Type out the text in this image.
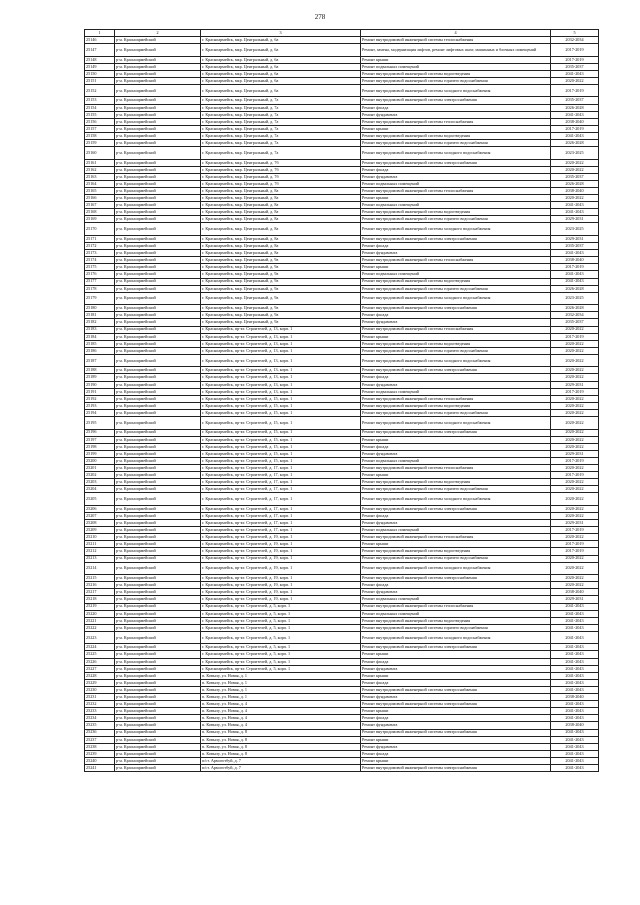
278
1	2	3	4	5
25146	р-н. Красноармейский	г. Красноармейск, мкр. Центральный, д. 6а	Ремонт внутридомовой инженерной системы теплоснабжения	2032-2034
25147	р-н. Красноармейский	г. Красноармейск, мкр. Центральный, д. 6а	Ремонт, замена, модернизация лифтов, ремонт лифтовых шахт, машинных и блочных помещений	2017-2019
25148	р-н. Красноармейский	г. Красноармейск, мкр. Центральный, д. 6а	Ремонт крыши	2017-2019
25149	р-н. Красноармейский	г. Красноармейск, мкр. Центральный, д. 6а	Ремонт подвальных помещений	2035-2037
25150	р-н. Красноармейский	г. Красноармейск, мкр. Центральный, д. 6а	Ремонт внутридомовой инженерной системы водоотведения	2041-2043
25151	р-н. Красноармейский	г. Красноармейск, мкр. Центральный, д. 6а	Ремонт внутридомовой инженерной системы горячего водоснабжения	2020-2022
25152	р-н. Красноармейский	г. Красноармейск, мкр. Центральный, д. 6а	Ремонт внутридомовой инженерной системы холодного водоснабжения	2017-2019
25153	р-н. Красноармейский	г. Красноармейск, мкр. Центральный, д. 7а	Ремонт внутридомовой инженерной системы электроснабжения	2035-2037
25154	р-н. Красноармейский	г. Красноармейск, мкр. Центральный, д. 7а	Ремонт фасада	2026-2028
25155	р-н. Красноармейский	г. Красноармейск, мкр. Центральный, д. 7а	Ремонт фундамента	2041-2043
25156	р-н. Красноармейский	г. Красноармейск, мкр. Центральный, д. 7а	Ремонт внутридомовой инженерной системы теплоснабжения	2038-2040
25157	р-н. Красноармейский	г. Красноармейск, мкр. Центральный, д. 7а	Ремонт крыши	2017-2019
25158	р-н. Красноармейский	г. Красноармейск, мкр. Центральный, д. 7а	Ремонт внутридомовой инженерной системы водоотведения	2041-2043
25159	р-н. Красноармейский	г. Красноармейск, мкр. Центральный, д. 7а	Ремонт внутридомовой инженерной системы горячего водоснабжения	2026-2028
25160	р-н. Красноармейский	г. Красноармейск, мкр. Центральный, д. 7а	Ремонт внутридомовой инженерной системы холодного водоснабжения	2023-2025
25161	р-н. Красноармейский	г. Красноармейск, мкр. Центральный, д. 7б	Ремонт внутридомовой инженерной системы электроснабжения	2020-2022
25162	р-н. Красноармейский	г. Красноармейск, мкр. Центральный, д. 7б	Ремонт фасада	2020-2022
25163	р-н. Красноармейский	г. Красноармейск, мкр. Центральный, д. 7б	Ремонт фундамента	2035-2037
25164	р-н. Красноармейский	г. Красноармейск, мкр. Центральный, д. 7б	Ремонт подвальных помещений	2026-2028
25165	р-н. Красноармейский	г. Красноармейск, мкр. Центральный, д. 8а	Ремонт внутридомовой инженерной системы теплоснабжения	2038-2040
25166	р-н. Красноармейский	г. Красноармейск, мкр. Центральный, д. 8а	Ремонт крыши	2020-2022
25167	р-н. Красноармейский	г. Красноармейск, мкр. Центральный, д. 8а	Ремонт подвальных помещений	2041-2043
25168	р-н. Красноармейский	г. Красноармейск, мкр. Центральный, д. 8а	Ремонт внутридомовой инженерной системы водоотведения	2041-2043
25169	р-н. Красноармейский	г. Красноармейск, мкр. Центральный, д. 8а	Ремонт внутридомовой инженерной системы горячего водоснабжения	2029-2031
25170	р-н. Красноармейский	г. Красноармейск, мкр. Центральный, д. 8а	Ремонт внутридомовой инженерной системы холодного водоснабжения	2023-2025
25171	р-н. Красноармейский	г. Красноармейск, мкр. Центральный, д. 8а	Ремонт внутридомовой инженерной системы электроснабжения	2029-2031
25172	р-н. Красноармейский	г. Красноармейск, мкр. Центральный, д. 8а	Ремонт фасада	2035-2037
25173	р-н. Красноармейский	г. Красноармейск, мкр. Центральный, д. 8а	Ремонт фундамента	2041-2043
25174	р-н. Красноармейский	г. Красноармейск, мкр. Центральный, д. 9а	Ремонт внутридомовой инженерной системы теплоснабжения	2038-2040
25175	р-н. Красноармейский	г. Красноармейск, мкр. Центральный, д. 9а	Ремонт крыши	2017-2019
25176	р-н. Красноармейский	г. Красноармейск, мкр. Центральный, д. 9а	Ремонт подвальных помещений	2041-2043
25177	р-н. Красноармейский	г. Красноармейск, мкр. Центральный, д. 9а	Ремонт внутридомовой инженерной системы водоотведения	2041-2043
25178	р-н. Красноармейский	г. Красноармейск, мкр. Центральный, д. 9а	Ремонт внутридомовой инженерной системы горячего водоснабжения	2026-2028
25179	р-н. Красноармейский	г. Красноармейск, мкр. Центральный, д. 9а	Ремонт внутридомовой инженерной системы холодного водоснабжения	2023-2025
25180	р-н. Красноармейский	г. Красноармейск, мкр. Центральный, д. 9а	Ремонт внутридомовой инженерной системы электроснабжения	2026-2028
25181	р-н. Красноармейский	г. Красноармейск, мкр. Центральный, д. 9а	Ремонт фасада	2032-2034
25182	р-н. Красноармейский	г. Красноармейск, мкр. Центральный, д. 9а	Ремонт фундамента	2035-2037
25183	р-н. Красноармейский	г. Красноармейск, пр-кт. Строителей, д. 13, корп. 1	Ремонт внутридомовой инженерной системы теплоснабжения	2020-2022
25184	р-н. Красноармейский	г. Красноармейск, пр-кт. Строителей, д. 13, корп. 1	Ремонт крыши	2017-2019
25185	р-н. Красноармейский	г. Красноармейск, пр-кт. Строителей, д. 13, корп. 1	Ремонт внутридомовой инженерной системы водоотведения	2020-2022
25186	р-н. Красноармейский	г. Красноармейск, пр-кт. Строителей, д. 13, корп. 1	Ремонт внутридомовой инженерной системы горячего водоснабжения	2020-2022
25187	р-н. Красноармейский	г. Красноармейск, пр-кт. Строителей, д. 13, корп. 1	Ремонт внутридомовой инженерной системы холодного водоснабжения	2020-2022
25188	р-н. Красноармейский	г. Красноармейск, пр-кт. Строителей, д. 13, корп. 1	Ремонт внутридомовой инженерной системы электроснабжения	2020-2022
25189	р-н. Красноармейский	г. Красноармейск, пр-кт. Строителей, д. 13, корп. 1	Ремонт фасада	2020-2022
25190	р-н. Красноармейский	г. Красноармейск, пр-кт. Строителей, д. 13, корп. 1	Ремонт фундамента	2029-2031
25191	р-н. Красноармейский	г. Красноармейск, пр-кт. Строителей, д. 13, корп. 1	Ремонт подвальных помещений	2017-2019
25192	р-н. Красноармейский	г. Красноармейск, пр-кт. Строителей, д. 15, корп. 1	Ремонт внутридомовой инженерной системы теплоснабжения	2020-2022
25193	р-н. Красноармейский	г. Красноармейск, пр-кт. Строителей, д. 15, корп. 1	Ремонт внутридомовой инженерной системы водоотведения	2020-2022
25194	р-н. Красноармейский	г. Красноармейск, пр-кт. Строителей, д. 15, корп. 1	Ремонт внутридомовой инженерной системы горячего водоснабжения	2020-2022
25195	р-н. Красноармейский	г. Красноармейск, пр-кт. Строителей, д. 15, корп. 1	Ремонт внутридомовой инженерной системы холодного водоснабжения	2020-2022
25196	р-н. Красноармейский	г. Красноармейск, пр-кт. Строителей, д. 15, корп. 1	Ремонт внутридомовой инженерной системы электроснабжения	2020-2022
25197	р-н. Красноармейский	г. Красноармейск, пр-кт. Строителей, д. 15, корп. 1	Ремонт крыши	2020-2022
25198	р-н. Красноармейский	г. Красноармейск, пр-кт. Строителей, д. 15, корп. 1	Ремонт фасада	2020-2022
25199	р-н. Красноармейский	г. Красноармейск, пр-кт. Строителей, д. 15, корп. 1	Ремонт фундамента	2029-2031
25200	р-н. Красноармейский	г. Красноармейск, пр-кт. Строителей, д. 15, корп. 1	Ремонт подвальных помещений	2017-2019
25201	р-н. Красноармейский	г. Красноармейск, пр-кт. Строителей, д. 17, корп. 1	Ремонт внутридомовой инженерной системы теплоснабжения	2020-2022
25202	р-н. Красноармейский	г. Красноармейск, пр-кт. Строителей, д. 17, корп. 1	Ремонт крыши	2017-2019
25203	р-н. Красноармейский	г. Красноармейск, пр-кт. Строителей, д. 17, корп. 1	Ремонт внутридомовой инженерной системы водоотведения	2020-2022
25204	р-н. Красноармейский	г. Красноармейск, пр-кт. Строителей, д. 17, корп. 1	Ремонт внутридомовой инженерной системы горячего водоснабжения	2020-2022
25205	р-н. Красноармейский	г. Красноармейск, пр-кт. Строителей, д. 17, корп. 1	Ремонт внутридомовой инженерной системы холодного водоснабжения	2020-2022
25206	р-н. Красноармейский	г. Красноармейск, пр-кт. Строителей, д. 17, корп. 1	Ремонт внутридомовой инженерной системы электроснабжения	2020-2022
25207	р-н. Красноармейский	г. Красноармейск, пр-кт. Строителей, д. 17, корп. 1	Ремонт фасада	2020-2022
25208	р-н. Красноармейский	г. Красноармейск, пр-кт. Строителей, д. 17, корп. 1	Ремонт фундамента	2029-2031
25209	р-н. Красноармейский	г. Красноармейск, пр-кт. Строителей, д. 17, корп. 1	Ремонт подвальных помещений	2017-2019
25210	р-н. Красноармейский	г. Красноармейск, пр-кт. Строителей, д. 19, корп. 1	Ремонт внутридомовой инженерной системы теплоснабжения	2020-2022
25211	р-н. Красноармейский	г. Красноармейск, пр-кт. Строителей, д. 19, корп. 1	Ремонт крыши	2017-2019
25212	р-н. Красноармейский	г. Красноармейск, пр-кт. Строителей, д. 19, корп. 1	Ремонт внутридомовой инженерной системы водоотведения	2017-2019
25213	р-н. Красноармейский	г. Красноармейск, пр-кт. Строителей, д. 19, корп. 1	Ремонт внутридомовой инженерной системы горячего водоснабжения	2020-2022
25214	р-н. Красноармейский	г. Красноармейск, пр-кт. Строителей, д. 19, корп. 1	Ремонт внутридомовой инженерной системы холодного водоснабжения	2020-2022
25215	р-н. Красноармейский	г. Красноармейск, пр-кт. Строителей, д. 19, корп. 1	Ремонт внутридомовой инженерной системы электроснабжения	2020-2022
25216	р-н. Красноармейский	г. Красноармейск, пр-кт. Строителей, д. 19, корп. 1	Ремонт фасада	2020-2022
25217	р-н. Красноармейский	г. Красноармейск, пр-кт. Строителей, д. 19, корп. 1	Ремонт фундамента	2038-2040
25218	р-н. Красноармейский	г. Красноармейск, пр-кт. Строителей, д. 19, корп. 1	Ремонт подвальных помещений	2029-2031
25219	р-н. Красноармейский	г. Красноармейск, пр-кт. Строителей, д. 5, корп. 1	Ремонт внутридомовой инженерной системы теплоснабжения	2041-2043
25220	р-н. Красноармейский	г. Красноармейск, пр-кт. Строителей, д. 5, корп. 1	Ремонт подвальных помещений	2041-2043
25221	р-н. Красноармейский	г. Красноармейск, пр-кт. Строителей, д. 5, корп. 1	Ремонт внутридомовой инженерной системы водоотведения	2041-2043
25222	р-н. Красноармейский	г. Красноармейск, пр-кт. Строителей, д. 5, корп. 1	Ремонт внутридомовой инженерной системы горячего водоснабжения	2041-2043
25223	р-н. Красноармейский	г. Красноармейск, пр-кт. Строителей, д. 5, корп. 1	Ремонт внутридомовой инженерной системы холодного водоснабжения	2041-2043
25224	р-н. Красноармейский	г. Красноармейск, пр-кт. Строителей, д. 5, корп. 1	Ремонт внутридомовой инженерной системы электроснабжения	2041-2043
25225	р-н. Красноармейский	г. Красноармейск, пр-кт. Строителей, д. 5, корп. 1	Ремонт крыши	2041-2043
25226	р-н. Красноармейский	г. Красноармейск, пр-кт. Строителей, д. 5, корп. 1	Ремонт фасада	2041-2043
25227	р-н. Красноармейский	г. Красноармейск, пр-кт. Строителей, д. 5, корп. 1	Ремонт фундамента	2041-2043
25228	р-н. Красноармейский	п. Ковылу, ул. Новая, д. 1	Ремонт крыши	2041-2043
25229	р-н. Красноармейский	п. Ковылу, ул. Новая, д. 1	Ремонт фасада	2041-2043
25230	р-н. Красноармейский	п. Ковылу, ул. Новая, д. 1	Ремонт внутридомовой инженерной системы электроснабжения	2041-2043
25231	р-н. Красноармейский	п. Ковылу, ул. Новая, д. 1	Ремонт фундамента	2038-2040
25232	р-н. Красноармейский	п. Ковылу, ул. Новая, д. 4	Ремонт внутридомовой инженерной системы электроснабжения	2041-2043
25233	р-н. Красноармейский	п. Ковылу, ул. Новая, д. 4	Ремонт крыши	2041-2043
25234	р-н. Красноармейский	п. Ковылу, ул. Новая, д. 4	Ремонт фасада	2041-2043
25235	р-н. Красноармейский	п. Ковылу, ул. Новая, д. 4	Ремонт фундамента	2038-2040
25236	р-н. Красноармейский	п. Ковылу, ул. Новая, д. 8	Ремонт внутридомовой инженерной системы электроснабжения	2041-2043
25237	р-н. Красноармейский	п. Ковылу, ул. Новая, д. 8	Ремонт крыши	2041-2043
25238	р-н. Красноармейский	п. Ковылу, ул. Новая, д. 8	Ремонт фундамента	2041-2043
25239	р-н. Красноармейский	п. Ковылу, ул. Новая, д. 8	Ремонт фасада	2041-2043
25240	р-н. Красноармейский	п/ст. Армоготбуй, д. 7	Ремонт крыши	2041-2043
25241	р-н. Красноармейский	п/ст. Армоготбуй, д. 7	Ремонт внутридомовой инженерной системы электроснабжения	2041-2043
